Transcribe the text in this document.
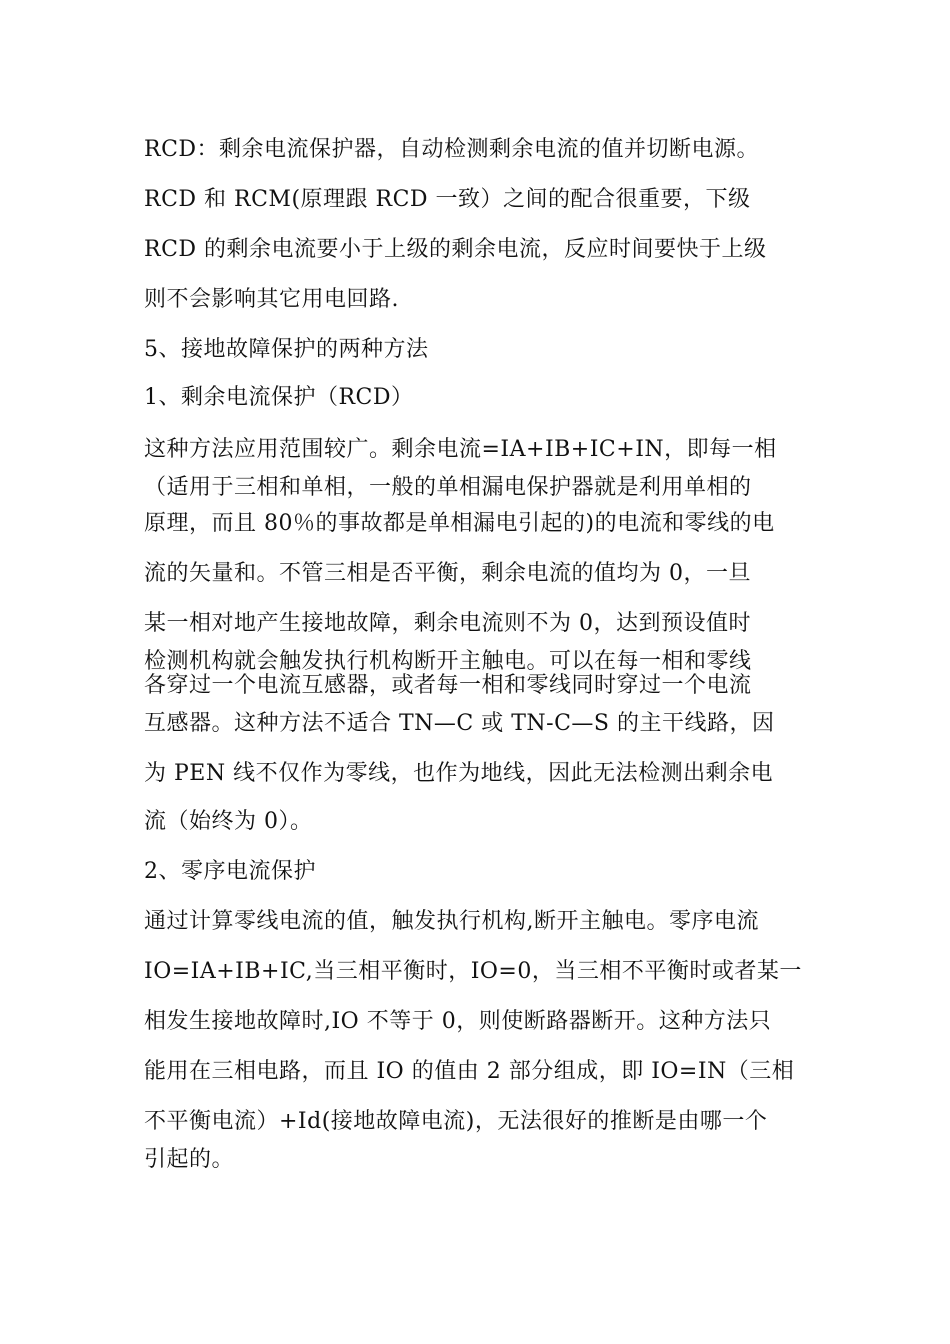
RCD：剩余电流保护器，自动检测剩余电流的值并切断电源。
RCD 和 RCM(原理跟 RCD 一致）之间的配合很重要，下级
RCD 的剩余电流要小于上级的剩余电流，反应时间要快于上级
则不会影响其它用电回路.
5、接地故障保护的两种方法
1、剩余电流保护（RCD）
这种方法应用范围较广。剩余电流=IA+IB+IC+IN，即每一相
（适用于三相和单相，一般的单相漏电保护器就是利用单相的
原理，而且 80％的事故都是单相漏电引起的)的电流和零线的电
流的矢量和。不管三相是否平衡，剩余电流的值均为 0，一旦
某一相对地产生接地故障，剩余电流则不为 0，达到预设值时
检测机构就会触发执行机构断开主触电。可以在每一相和零线
各穿过一个电流互感器，或者每一相和零线同时穿过一个电流
互感器。这种方法不适合 TN—C 或 TN-C—S 的主干线路，因
为 PEN 线不仅作为零线，也作为地线，因此无法检测出剩余电
流（始终为 0）。
2、零序电流保护
通过计算零线电流的值，触发执行机构,断开主触电。零序电流
IO=IA+IB+IC,当三相平衡时，IO=0，当三相不平衡时或者某一
相发生接地故障时,IO 不等于 0，则使断路器断开。这种方法只
能用在三相电路，而且 IO 的值由 2 部分组成，即 IO=IN（三相
不平衡电流）+Id(接地故障电流)，无法很好的推断是由哪一个
引起的。
